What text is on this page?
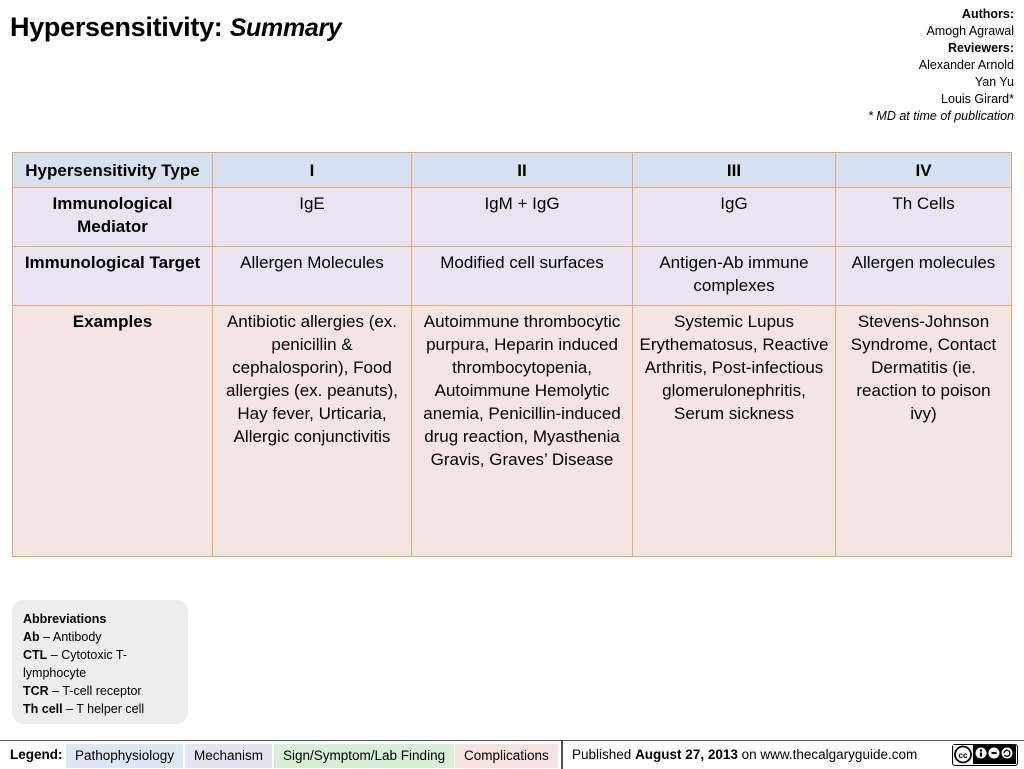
Hypersensitivity: Summary	Authors:
Amogh Agrawal
Reviewers:
Alexander Arnold
Yan Yu
Louis Girard*
* MD at time of publication
Hypersensitivity Type	I	II	III	IV
Immunological Mediator	IgE	IgM + IgG	IgG	Th Cells
Immunological Target	Allergen Molecules	Modified cell surfaces	Antigen-Ab immune complexes	Allergen molecules
Examples	Antibiotic allergies (ex. penicillin & cephalosporin), Food allergies (ex. peanuts), Hay fever, Urticaria, Allergic conjunctivitis	Autoimmune thrombocytic purpura, Heparin induced thrombocytopenia, Autoimmune Hemolytic anemia, Penicillin-induced drug reaction, Myasthenia Gravis, Graves’ Disease	Systemic Lupus Erythematosus, Reactive Arthritis, Post-infectious glomerulonephritis, Serum sickness	Stevens-Johnson Syndrome, Contact Dermatitis (ie. reaction to poison ivy)
Abbreviations
Ab – Antibody
CTL – Cytotoxic T-lymphocyte
TCR – T-cell receptor
Th cell – T helper cell
Legend: Pathophysiology	Mechanism	Sign/Symptom/Lab Finding	Complications	Published August 27, 2013 on www.thecalgaryguide.com	cc
